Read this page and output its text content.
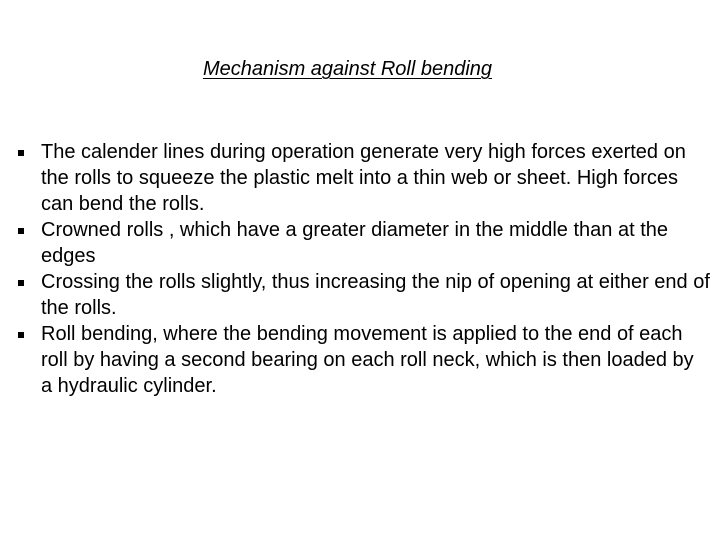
Mechanism against Roll bending
The calender lines during operation generate very high forces exerted on the rolls to squeeze the plastic melt into a thin web or sheet. High forces can bend the rolls.
Crowned rolls , which have a greater diameter in the middle than at the edges
Crossing the rolls slightly, thus increasing the nip of opening at either end of the rolls.
Roll bending, where the bending movement is applied to the end of each roll by having a second bearing on each roll neck, which is then loaded by a hydraulic cylinder.
